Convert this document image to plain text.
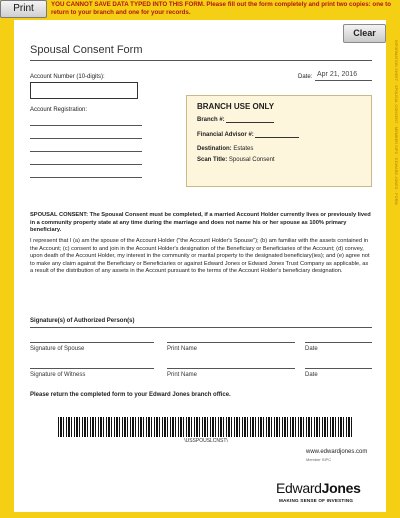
Print	YOU CANNOT SAVE DATA TYPED INTO THIS FORM. Please fill out the form completely and print two copies: one to return to your branch and one for your records.
Clear
INFORMATION SHEET · SPOUSAL CONSENT · MEMBER SIPC · EDWARD JONES · FORM
Spousal Consent Form
Account Number (10-digits):	Date: Apr 21, 2016
Account Registration:	BRANCH USE ONLY
Branch #:
Financial Advisor #:
Destination: Estates
Scan Title: Spousal Consent
SPOUSAL CONSENT: The Spousal Consent must be completed, if a married Account Holder currently lives or previously lived in a community property state at any time during the marriage and does not name his or her spouse as 100% primary beneficiary.
I represent that I (a) am the spouse of the Account Holder ("the Account Holder's Spouse"); (b) am familiar with the assets contained in the Account; (c) consent to and join in the Account Holder's designation of the Beneficiary or Beneficiaries of the Account; (d) convey, upon death of the Account Holder, my interest in the community or marital property to the designated beneficiary(ies); and (e) agree not to make any claim against the Beneficiary or Beneficiaries or against Edward Jones or Edward Jones Trust Company as applicable, as a result of the distribution of any assets in the Account pursuant to the terms of the Account Holder's beneficiary designation.
Signature(s) of Authorized Person(s)
Signature of Spouse	Print Name	Date
Signature of Witness	Print Name	Date
Please return the completed form to your Edward Jones branch office.
\USSPOUSLCNST\
www.edwardjones.com
Member SIPC
EdwardJones
MAKING SENSE OF INVESTING
